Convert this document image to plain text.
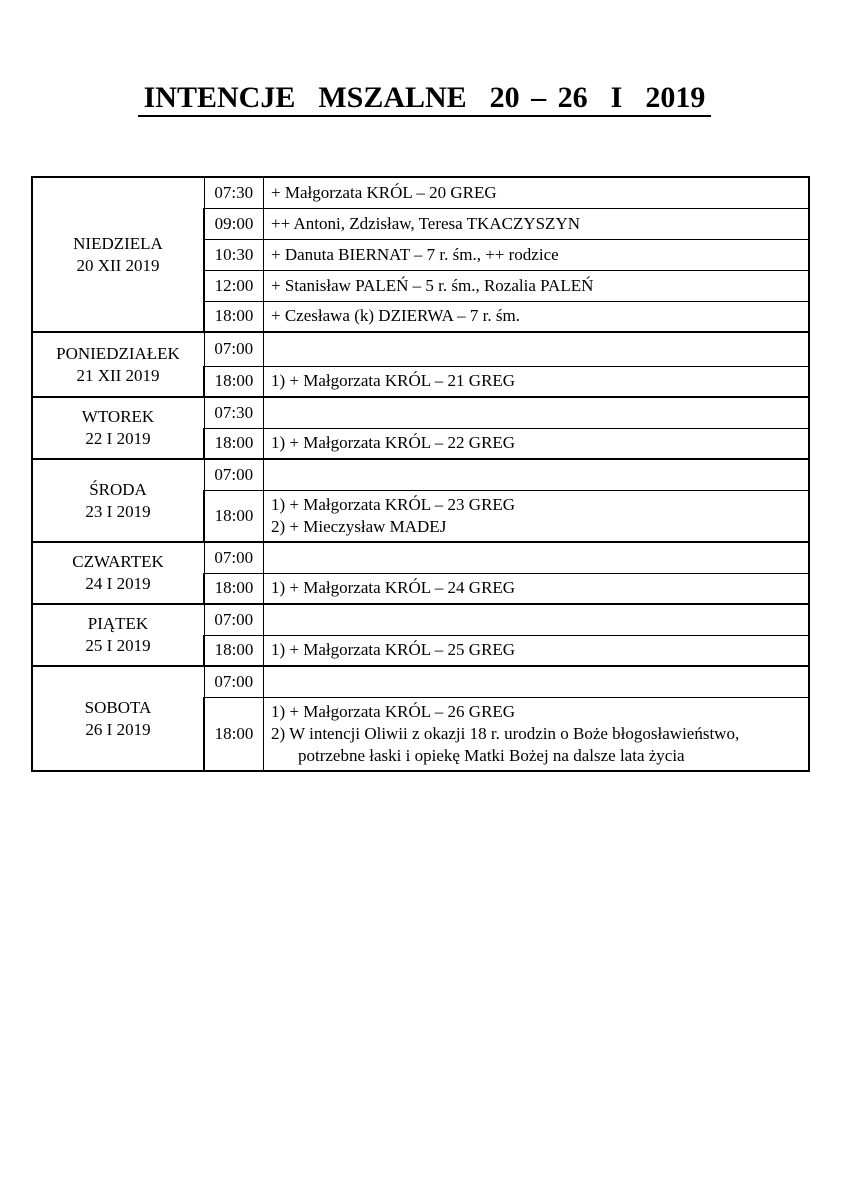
INTENCJE  MSZALNE  20 – 26  I  2019
NIEDZIELA
20 XII 2019	07:30	+ Małgorzata KRÓL – 20 GREG

	09:00	++ Antoni, Zdzisław, Teresa TKACZYSZYN

	10:30	+ Danuta BIERNAT – 7 r. śm., ++ rodzice

	12:00	+ Stanisław PALEŃ – 5 r. śm., Rozalia PALEŃ

	18:00	+ Czesława (k) DZIERWA – 7 r. śm.

PONIEDZIAŁEK
21 XII 2019	07:00	
	18:00	1) + Małgorzata KRÓL – 21 GREG

WTOREK
22 I 2019	07:30	
	18:00	1) + Małgorzata KRÓL – 22 GREG

ŚRODA
23 I 2019	07:00	
	18:00	1) + Małgorzata KRÓL – 23 GREG
2) + Mieczysław MADEJ

CZWARTEK
24 I 2019	07:00	
	18:00	1) + Małgorzata KRÓL – 24 GREG

PIĄTEK
25 I 2019	07:00	
	18:00	1) + Małgorzata KRÓL – 25 GREG

SOBOTA
26 I 2019	07:00	
	18:00	1) + Małgorzata KRÓL – 26 GREG
2) W intencji Oliwii z okazji 18 r. urodzin o Boże błogosławieństwo,
potrzebne łaski i opiekę Matki Bożej na dalsze lata życia
